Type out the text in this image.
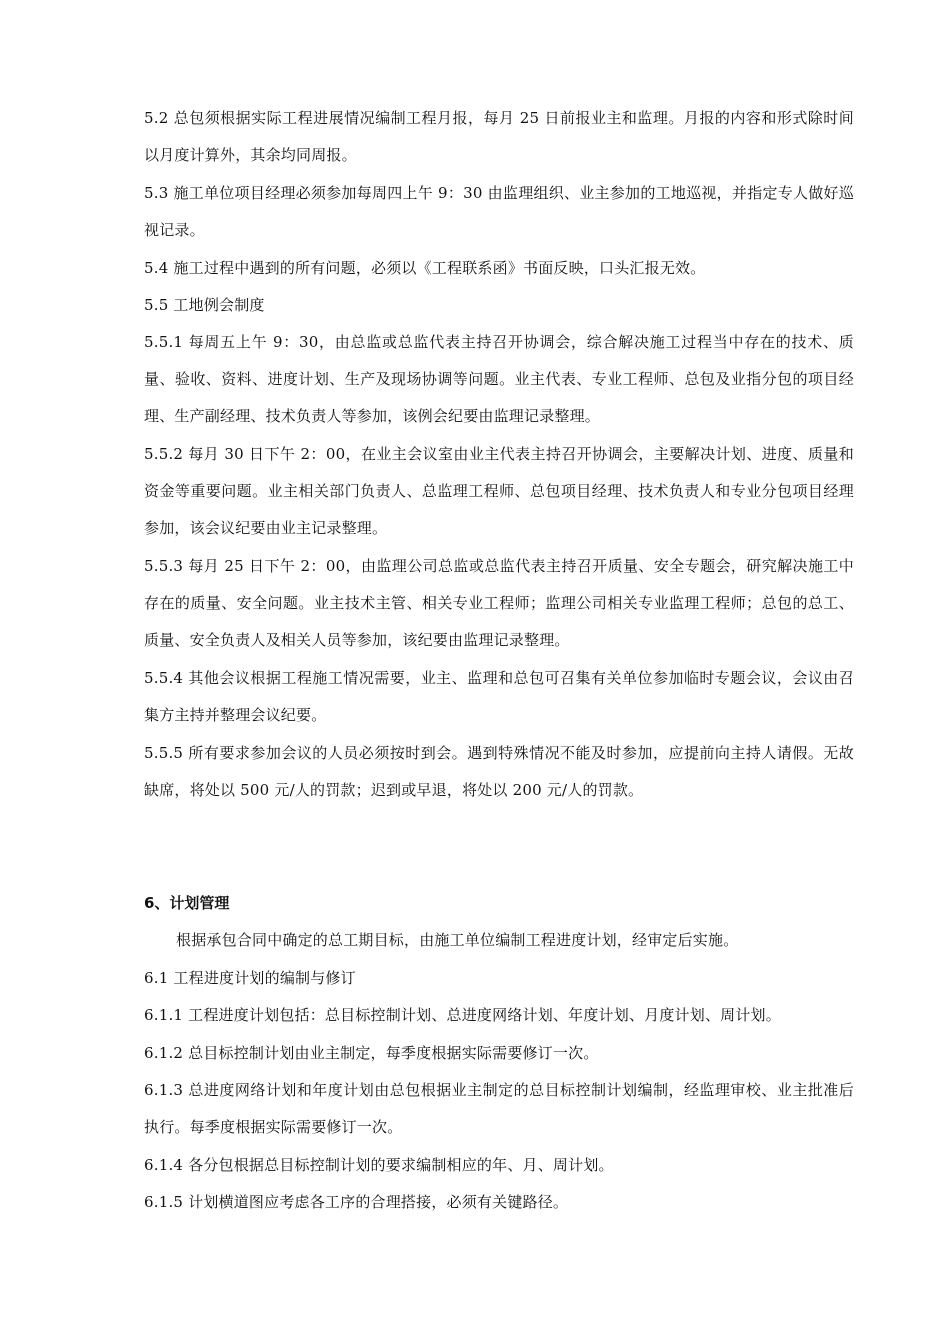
5.2 总包须根据实际工程进展情况编制工程月报，每月 25 日前报业主和监理。月报的内容和形式除时间以月度计算外，其余均同周报。
5.3 施工单位项目经理必须参加每周四上午 9：30 由监理组织、业主参加的工地巡视，并指定专人做好巡视记录。
5.4 施工过程中遇到的所有问题，必须以《工程联系函》书面反映，口头汇报无效。
5.5 工地例会制度
5.5.1 每周五上午 9：30，由总监或总监代表主持召开协调会，综合解决施工过程当中存在的技术、质量、验收、资料、进度计划、生产及现场协调等问题。业主代表、专业工程师、总包及业指分包的项目经理、生产副经理、技术负责人等参加，该例会纪要由监理记录整理。
5.5.2 每月 30 日下午 2：00，在业主会议室由业主代表主持召开协调会，主要解决计划、进度、质量和资金等重要问题。业主相关部门负责人、总监理工程师、总包项目经理、技术负责人和专业分包项目经理参加，该会议纪要由业主记录整理。
5.5.3 每月 25 日下午 2：00，由监理公司总监或总监代表主持召开质量、安全专题会，研究解决施工中存在的质量、安全问题。业主技术主管、相关专业工程师；监理公司相关专业监理工程师；总包的总工、质量、安全负责人及相关人员等参加，该纪要由监理记录整理。
5.5.4 其他会议根据工程施工情况需要，业主、监理和总包可召集有关单位参加临时专题会议，会议由召集方主持并整理会议纪要。
5.5.5 所有要求参加会议的人员必须按时到会。遇到特殊情况不能及时参加，应提前向主持人请假。无故缺席，将处以 500 元/人的罚款；迟到或早退，将处以 200 元/人的罚款。
6、计划管理
根据承包合同中确定的总工期目标，由施工单位编制工程进度计划，经审定后实施。
6.1 工程进度计划的编制与修订
6.1.1 工程进度计划包括：总目标控制计划、总进度网络计划、年度计划、月度计划、周计划。
6.1.2 总目标控制计划由业主制定，每季度根据实际需要修订一次。
6.1.3 总进度网络计划和年度计划由总包根据业主制定的总目标控制计划编制，经监理审校、业主批准后执行。每季度根据实际需要修订一次。
6.1.4 各分包根据总目标控制计划的要求编制相应的年、月、周计划。
6.1.5 计划横道图应考虑各工序的合理搭接，必须有关键路径。
